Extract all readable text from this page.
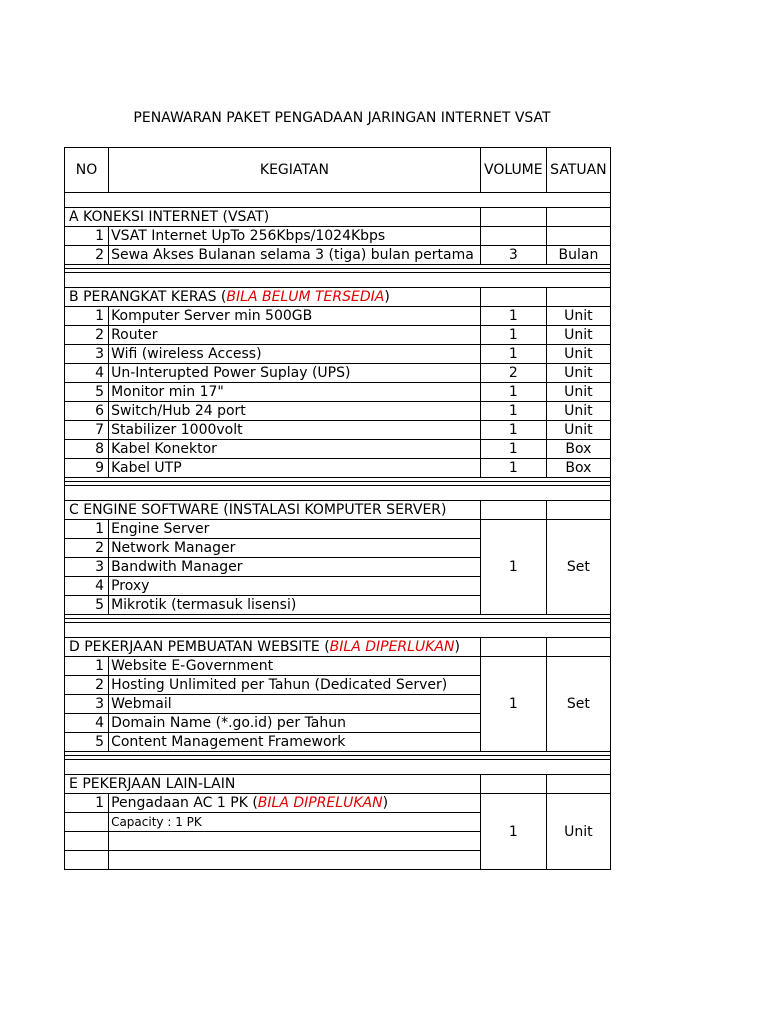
PENAWARAN PAKET PENGADAAN JARINGAN INTERNET VSAT
NO	KEGIATAN	VOLUME	SATUAN

A KONEKSI INTERNET (VSAT)			

1	VSAT Internet UpTo 256Kbps/1024Kbps		
2	Sewa Akses Bulanan selama 3 (tiga) bulan pertama	3	Bulan

B PERANGKAT KERAS (BILA BELUM TERSEDIA)			

1	Komputer Server min 500GB	1	Unit
2	Router	1	Unit
3	Wifi (wireless Access)	1	Unit
4	Un-Interupted Power Suplay (UPS)	2	Unit
5	Monitor min 17"	1	Unit
6	Switch/Hub 24 port	1	Unit
7	Stabilizer 1000volt	1	Unit
8	Kabel Konektor	1	Box
9	Kabel UTP	1	Box

C ENGINE SOFTWARE (INSTALASI KOMPUTER SERVER)			

1	Engine Server	1	Set
2	Network Manager		
3	Bandwith Manager		
4	Proxy		
5	Mikrotik (termasuk lisensi)		

D PEKERJAAN PEMBUATAN WEBSITE (BILA DIPERLUKAN)			

1	Website E-Government	1	Set
2	Hosting Unlimited per Tahun (Dedicated Server)		
3	Webmail		
4	Domain Name (*.go.id) per Tahun		
5	Content Management Framework		

E PEKERJAAN LAIN-LAIN			

1	Pengadaan AC 1 PK (BILA DIPRELUKAN)	1	Unit
	Capacity : 1 PK		
